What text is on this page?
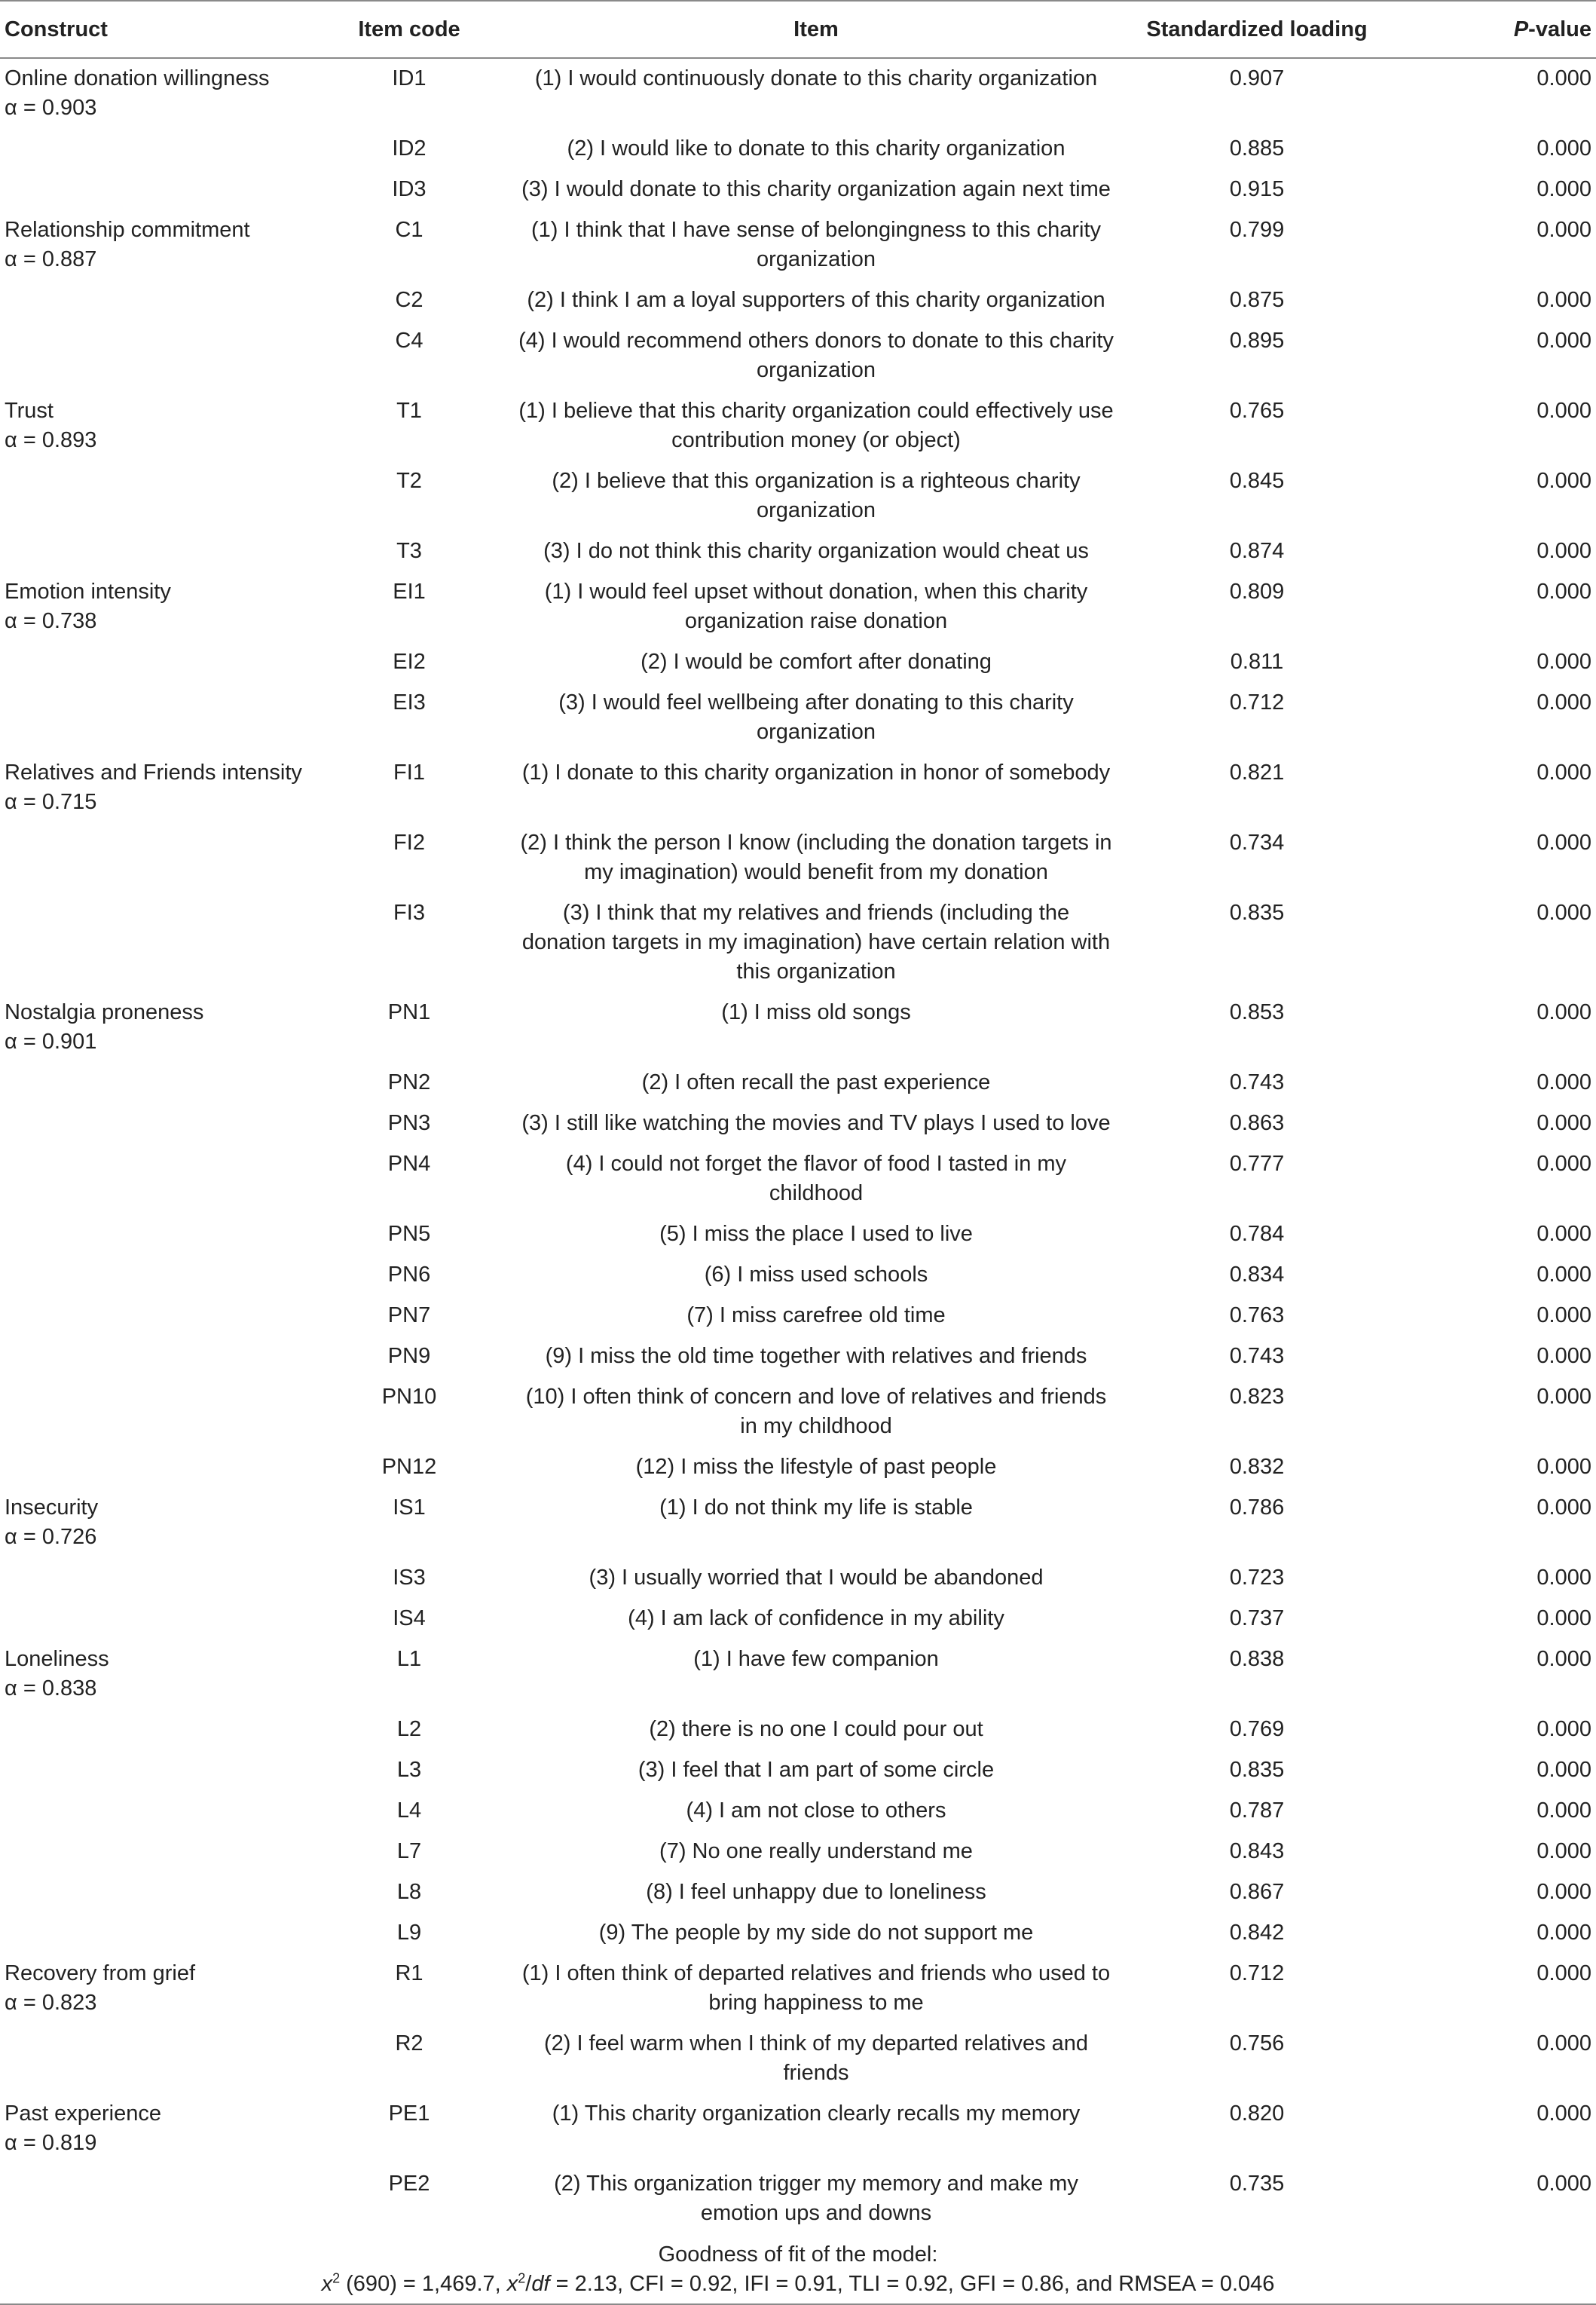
Construct	Item code	Item	Standardized loading	P-value
Online donation willingness
α = 0.903	ID1	(1) I would continuously donate to this charity organization	0.907	0.000

	ID2	(2) I would like to donate to this charity organization	0.885	0.000

	ID3	(3) I would donate to this charity organization again next time	0.915	0.000
Relationship commitment
α = 0.887	C1	(1) I think that I have sense of belongingness to this charity organization	0.799	0.000

	C2	(2) I think I am a loyal supporters of this charity organization	0.875	0.000

	C4	(4) I would recommend others donors to donate to this charity organization	0.895	0.000
Trust
α = 0.893	T1	(1) I believe that this charity organization could effectively use contribution money (or object)	0.765	0.000

	T2	(2) I believe that this organization is a righteous charity organization	0.845	0.000

	T3	(3) I do not think this charity organization would cheat us	0.874	0.000
Emotion intensity
α = 0.738	EI1	(1) I would feel upset without donation, when this charity organization raise donation	0.809	0.000

	EI2	(2) I would be comfort after donating	0.811	0.000

	EI3	(3) I would feel wellbeing after donating to this charity organization	0.712	0.000
Relatives and Friends intensity
α = 0.715	FI1	(1) I donate to this charity organization in honor of somebody	0.821	0.000

	FI2	(2) I think the person I know (including the donation targets in my imagination) would benefit from my donation	0.734	0.000

	FI3	(3) I think that my relatives and friends (including the donation targets in my imagination) have certain relation with this organization	0.835	0.000
Nostalgia proneness
α = 0.901	PN1	(1) I miss old songs	0.853	0.000

	PN2	(2) I often recall the past experience	0.743	0.000

	PN3	(3) I still like watching the movies and TV plays I used to love	0.863	0.000

	PN4	(4) I could not forget the flavor of food I tasted in my childhood	0.777	0.000

	PN5	(5) I miss the place I used to live	0.784	0.000

	PN6	(6) I miss used schools	0.834	0.000

	PN7	(7) I miss carefree old time	0.763	0.000

	PN9	(9) I miss the old time together with relatives and friends	0.743	0.000

	PN10	(10) I often think of concern and love of relatives and friends in my childhood	0.823	0.000

	PN12	(12) I miss the lifestyle of past people	0.832	0.000
Insecurity
α = 0.726	IS1	(1) I do not think my life is stable	0.786	0.000

	IS3	(3) I usually worried that I would be abandoned	0.723	0.000

	IS4	(4) I am lack of confidence in my ability	0.737	0.000
Loneliness
α = 0.838	L1	(1) I have few companion	0.838	0.000

	L2	(2) there is no one I could pour out	0.769	0.000

	L3	(3) I feel that I am part of some circle	0.835	0.000

	L4	(4) I am not close to others	0.787	0.000

	L7	(7) No one really understand me	0.843	0.000

	L8	(8) I feel unhappy due to loneliness	0.867	0.000

	L9	(9) The people by my side do not support me	0.842	0.000
Recovery from grief
α = 0.823	R1	(1) I often think of departed relatives and friends who used to bring happiness to me	0.712	0.000

	R2	(2) I feel warm when I think of my departed relatives and friends	0.756	0.000
Past experience
α = 0.819	PE1	(1) This charity organization clearly recalls my memory	0.820	0.000

	PE2	(2) This organization trigger my memory and make my emotion ups and downs	0.735	0.000
Goodness of fit of the model:
$x^2$ (690) = 1,469.7, $x^2/df = 2.13$, CFI = 0.92, IFI = 0.91, TLI = 0.92, GFI = 0.86, and RMSEA = 0.046				
